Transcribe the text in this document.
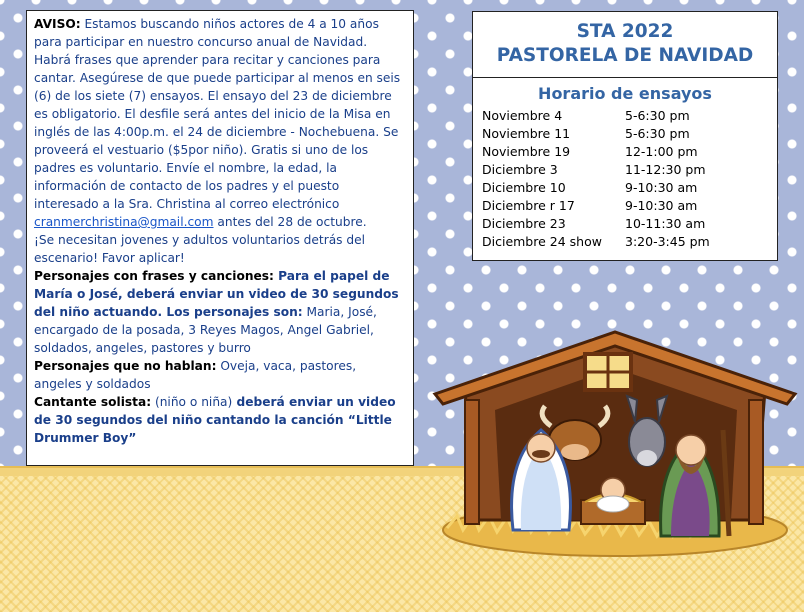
AVISO: Estamos buscando niños actores de 4 a 10 años para participar en nuestro concurso anual de Navidad. Habrá frases que aprender para recitar y canciones para cantar. Asegúrese de que puede participar al menos en seis (6) de los siete (7) ensayos. El ensayo del 23 de diciembre es obligatorio. El desfile será antes del inicio de la Misa en inglés de las 4:00p.m. el 24 de diciembre - Nochebuena. Se proveerá el vestuario ($5por niño). Gratis si uno de los padres es voluntario. Envíe el nombre, la edad, la información de contacto de los padres y el puesto interesado a la Sra. Christina al correo electrónico cranmerchristina@gmail.com antes del 28 de octubre.

¡Se necesitan jovenes y adultos voluntarios detrás del escenario! Favor aplicar!

Personajes con frases y canciones: Para el papel de María o José, deberá enviar un video de 30 segundos del niño actuando. Los personajes son: Maria, José, encargado de la posada, 3 Reyes Magos, Angel Gabriel, soldados, angeles, pastores y burro

Personajes que no hablan: Oveja, vaca, pastores, angeles y soldados

Cantante solista: (niño o niña) deberá enviar un video de 30 segundos del niño cantando la canción “Little Drummer Boy”

STA 2022
PASTORELA DE NAVIDAD
Horario de ensayos
Noviembre 4	5-6:30 pm
Noviembre 11	5-6:30 pm
Noviembre 19	12-1:00 pm
Diciembre 3	11-12:30 pm
Diciembre 10	9-10:30 am
Diciembre r 17	9-10:30 am
Diciembre 23	10-11:30 am
Diciembre 24 show	3:20-3:45 pm
